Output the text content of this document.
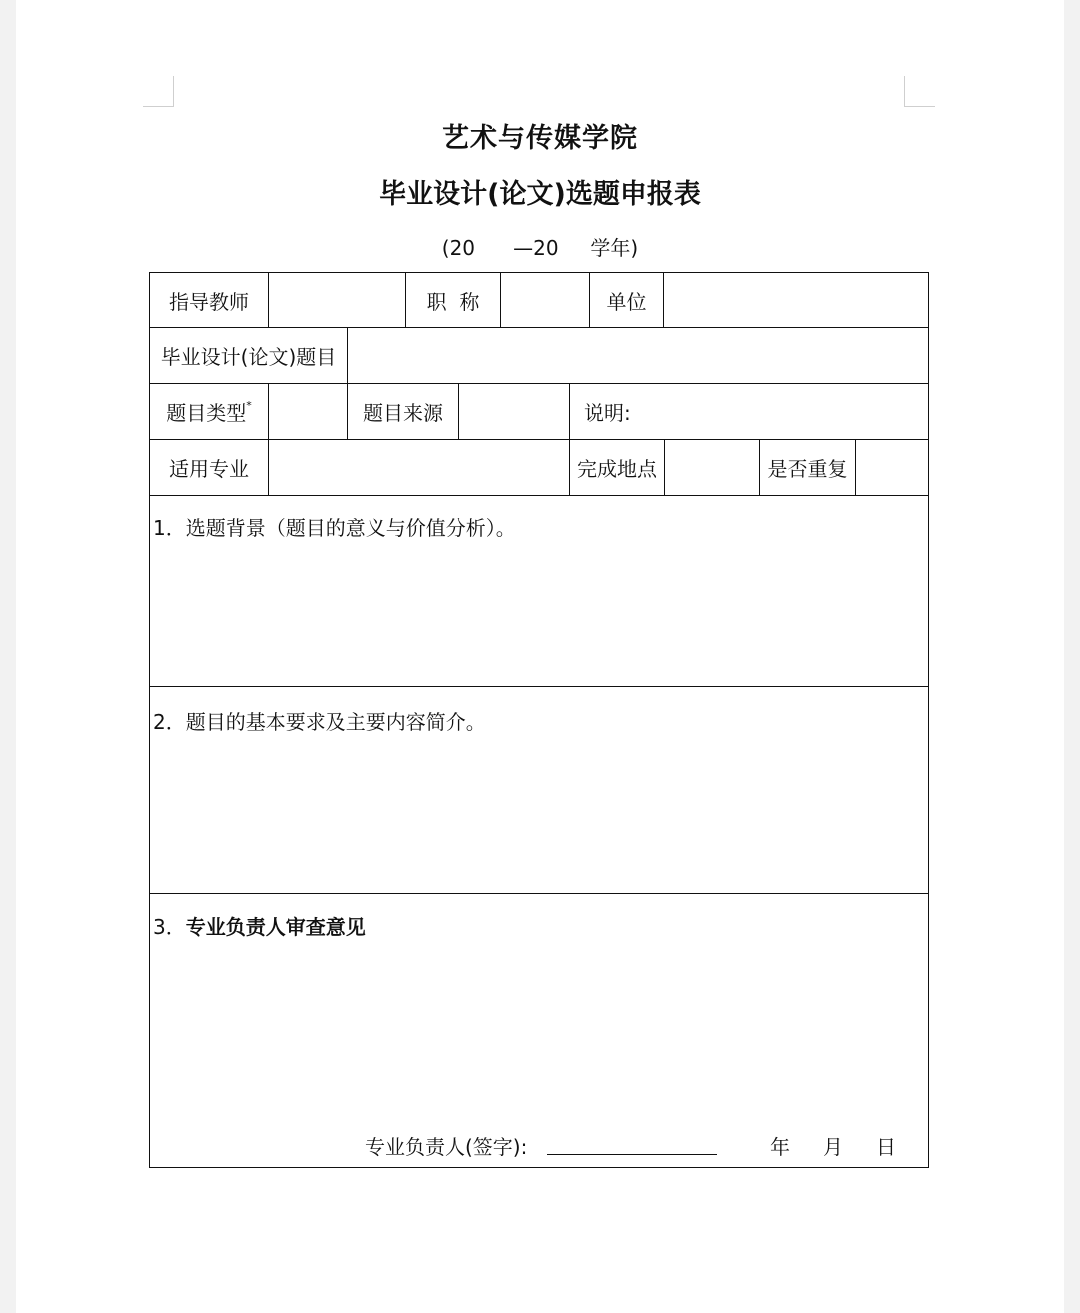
艺术与传媒学院
毕业设计(论文)选题申报表
(20      —20     学年)
指导教师	职  称	单位
毕业设计(论文)题目
题目类型*	题目来源	说明:
适用专业	完成地点	是否重复
1．选题背景（题目的意义与价值分析）。
2．题目的基本要求及主要内容简介。
3．专业负责人审查意见
专业负责人(签字):	年 月 日
